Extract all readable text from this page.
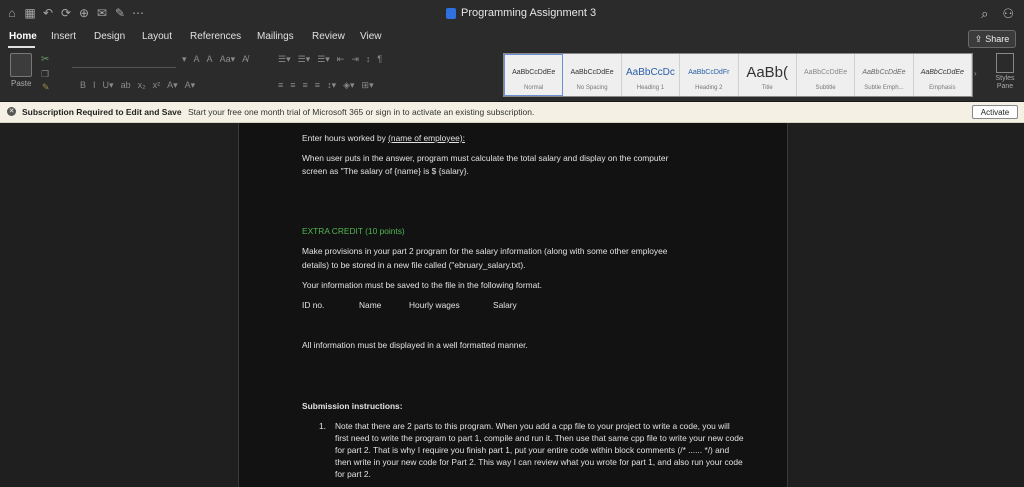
⌂ ▦ ↶ ⟳ ⊕ ✉ ✎ ⋯	Programming Assignment 3	⌕ ⚇
Home Insert Design Layout References Mailings Review View	⇪ Share
Paste
✂
❐
✎
▾ A A Aa▾ A̸
B I U▾ ab x₂ x² A▾ A▾
☰▾ ☰▾ ☰▾ ⇤ ⇥ ↕ ¶
≡ ≡ ≡ ≡ ↕▾ ◈▾ ⊞▾
AaBbCcDdEe
Normal
AaBbCcDdEe
No Spacing
AaBbCcDc
Heading 1
AaBbCcDdFr
Heading 2
AaBb(
Title
AaBbCcDdEe
Subtitle
AaBbCcDdEe
Subtle Emph...
AaBbCcDdEe
Emphasis
›
Styles Pane
✕ Subscription Required to Edit and Save Start your free one month trial of Microsoft 365 or sign in to activate an existing subscription.	Activate
Enter hours worked by (name of employee):
When user puts in the answer, program must calculate the total salary and display on the computer
screen as "The salary of {name} is $ {salary}.
EXTRA CREDIT (10 points)
Make provisions in your part 2 program for the salary information (along with some other employee
details) to be stored in a new file called ("ebruary_salary.txt).
Your information must be saved to the file in the following format.
ID no.	Name	Hourly wages	Salary
All information must be displayed in a well formatted manner.
Submission instructions:
1. Note that there are 2 parts to this program. When you add a cpp file to your project to write a code, you will first need to write the program to part 1, compile and run it. Then use that same cpp file to write your new code for part 2. That is why I require you finish part 1, put your entire code within block comments (/* ...... */) and then write in your new code for Part 2. This way I can review what you wrote for part 1, and also run your code for part 2.
